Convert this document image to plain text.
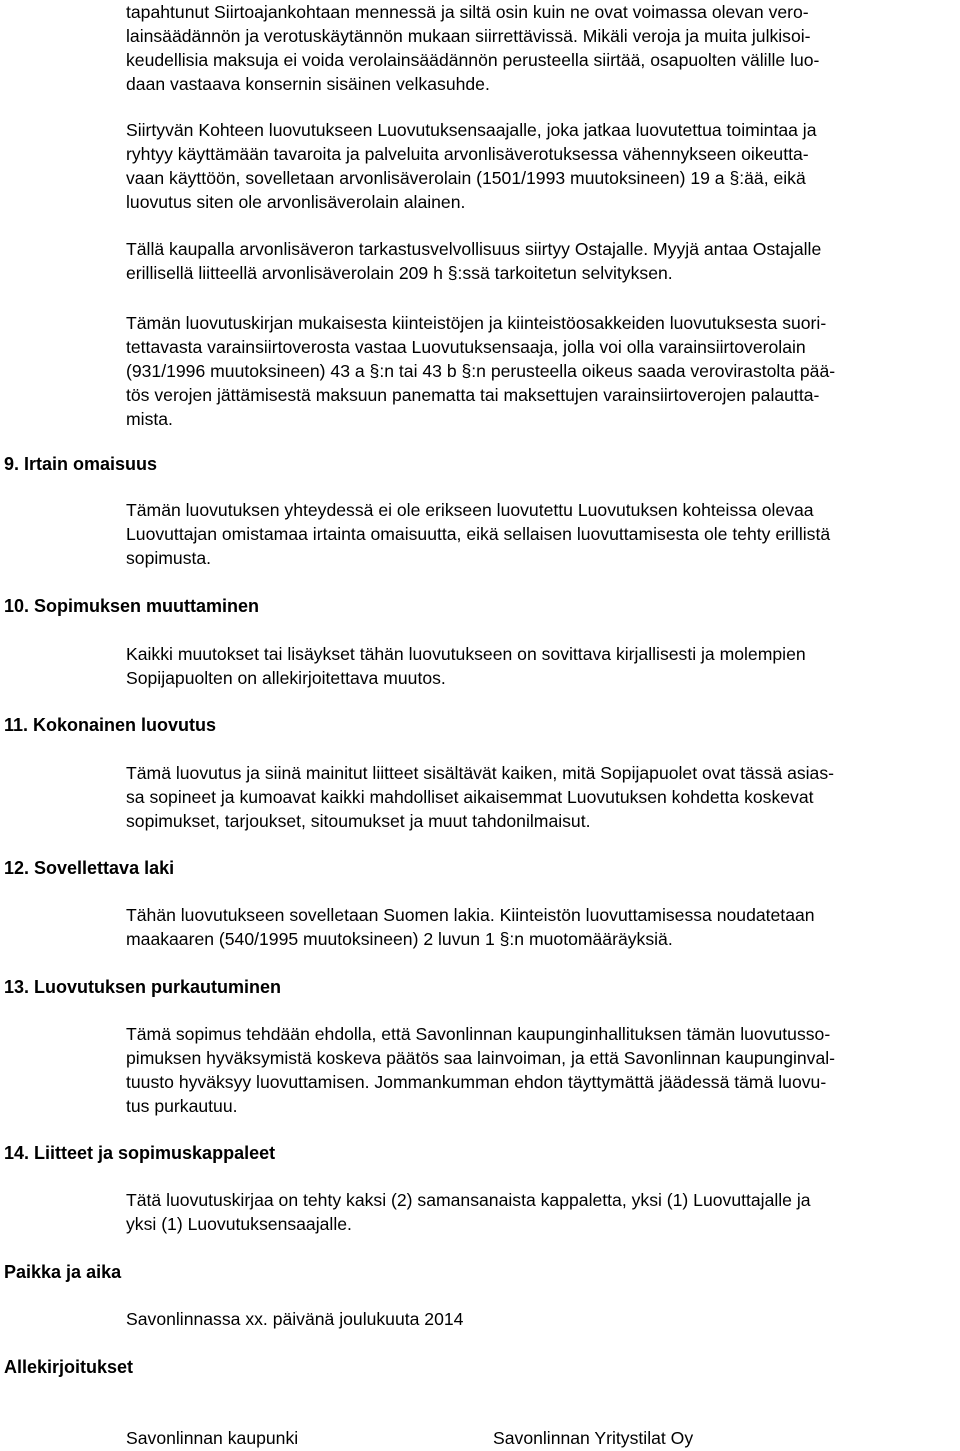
tapahtunut Siirtoajankohtaan mennessä ja siltä osin kuin ne ovat voimassa olevan vero-
lainsäädännön ja verotuskäytännön mukaan siirrettävissä. Mikäli veroja ja muita julkisoi-
keudellisia maksuja ei voida verolainsäädännön perusteella siirtää, osapuolten välille luo-
daan vastaava konsernin sisäinen velkasuhde.
Siirtyvän Kohteen luovutukseen Luovutuksensaajalle, joka jatkaa luovutettua toimintaa ja
ryhtyy käyttämään tavaroita ja palveluita arvonlisäverotuksessa vähennykseen oikeutta-
vaan käyttöön, sovelletaan arvonlisäverolain (1501/1993 muutoksineen) 19 a §:ää, eikä
luovutus siten ole arvonlisäverolain alainen.
Tällä kaupalla arvonlisäveron tarkastusvelvollisuus siirtyy Ostajalle. Myyjä antaa Ostajalle
erillisellä liitteellä arvonlisäverolain 209 h §:ssä tarkoitetun selvityksen.
Tämän luovutuskirjan mukaisesta kiinteistöjen ja kiinteistöosakkeiden luovutuksesta suori-
tettavasta varainsiirtoverosta vastaa Luovutuksensaaja, jolla voi olla varainsiirtoverolain
(931/1996 muutoksineen) 43 a §:n tai 43 b §:n perusteella oikeus saada verovirastolta pää-
tös verojen jättämisestä maksuun panematta tai maksettujen varainsiirtoverojen palautta-
mista.
9. Irtain omaisuus
Tämän luovutuksen yhteydessä ei ole erikseen luovutettu Luovutuksen kohteissa olevaa
Luovuttajan omistamaa irtainta omaisuutta, eikä sellaisen luovuttamisesta ole tehty erillistä
sopimusta.
10. Sopimuksen muuttaminen
Kaikki muutokset tai lisäykset tähän luovutukseen on sovittava kirjallisesti ja molempien
Sopijapuolten on allekirjoitettava muutos.
11. Kokonainen luovutus
Tämä luovutus ja siinä mainitut liitteet sisältävät kaiken, mitä Sopijapuolet ovat tässä asias-
sa sopineet ja kumoavat kaikki mahdolliset aikaisemmat Luovutuksen kohdetta koskevat
sopimukset, tarjoukset, sitoumukset ja muut tahdonilmaisut.
12. Sovellettava laki
Tähän luovutukseen sovelletaan Suomen lakia. Kiinteistön luovuttamisessa noudatetaan
maakaaren (540/1995 muutoksineen) 2 luvun 1 §:n muotomääräyksiä.
13. Luovutuksen purkautuminen
Tämä sopimus tehdään ehdolla, että Savonlinnan kaupunginhallituksen tämän luovutusso-
pimuksen hyväksymistä koskeva päätös saa lainvoiman, ja että Savonlinnan kaupunginval-
tuusto hyväksyy luovuttamisen. Jommankumman ehdon täyttymättä jäädessä tämä luovu-
tus purkautuu.
14. Liitteet ja sopimuskappaleet
Tätä luovutuskirjaa on tehty kaksi (2) samansanaista kappaletta, yksi (1) Luovuttajalle ja
yksi (1) Luovutuksensaajalle.
Paikka ja aika
Savonlinnassa xx. päivänä joulukuuta 2014
Allekirjoitukset

Savonlinnan kaupunki	Savonlinnan Yritystilat Oy
